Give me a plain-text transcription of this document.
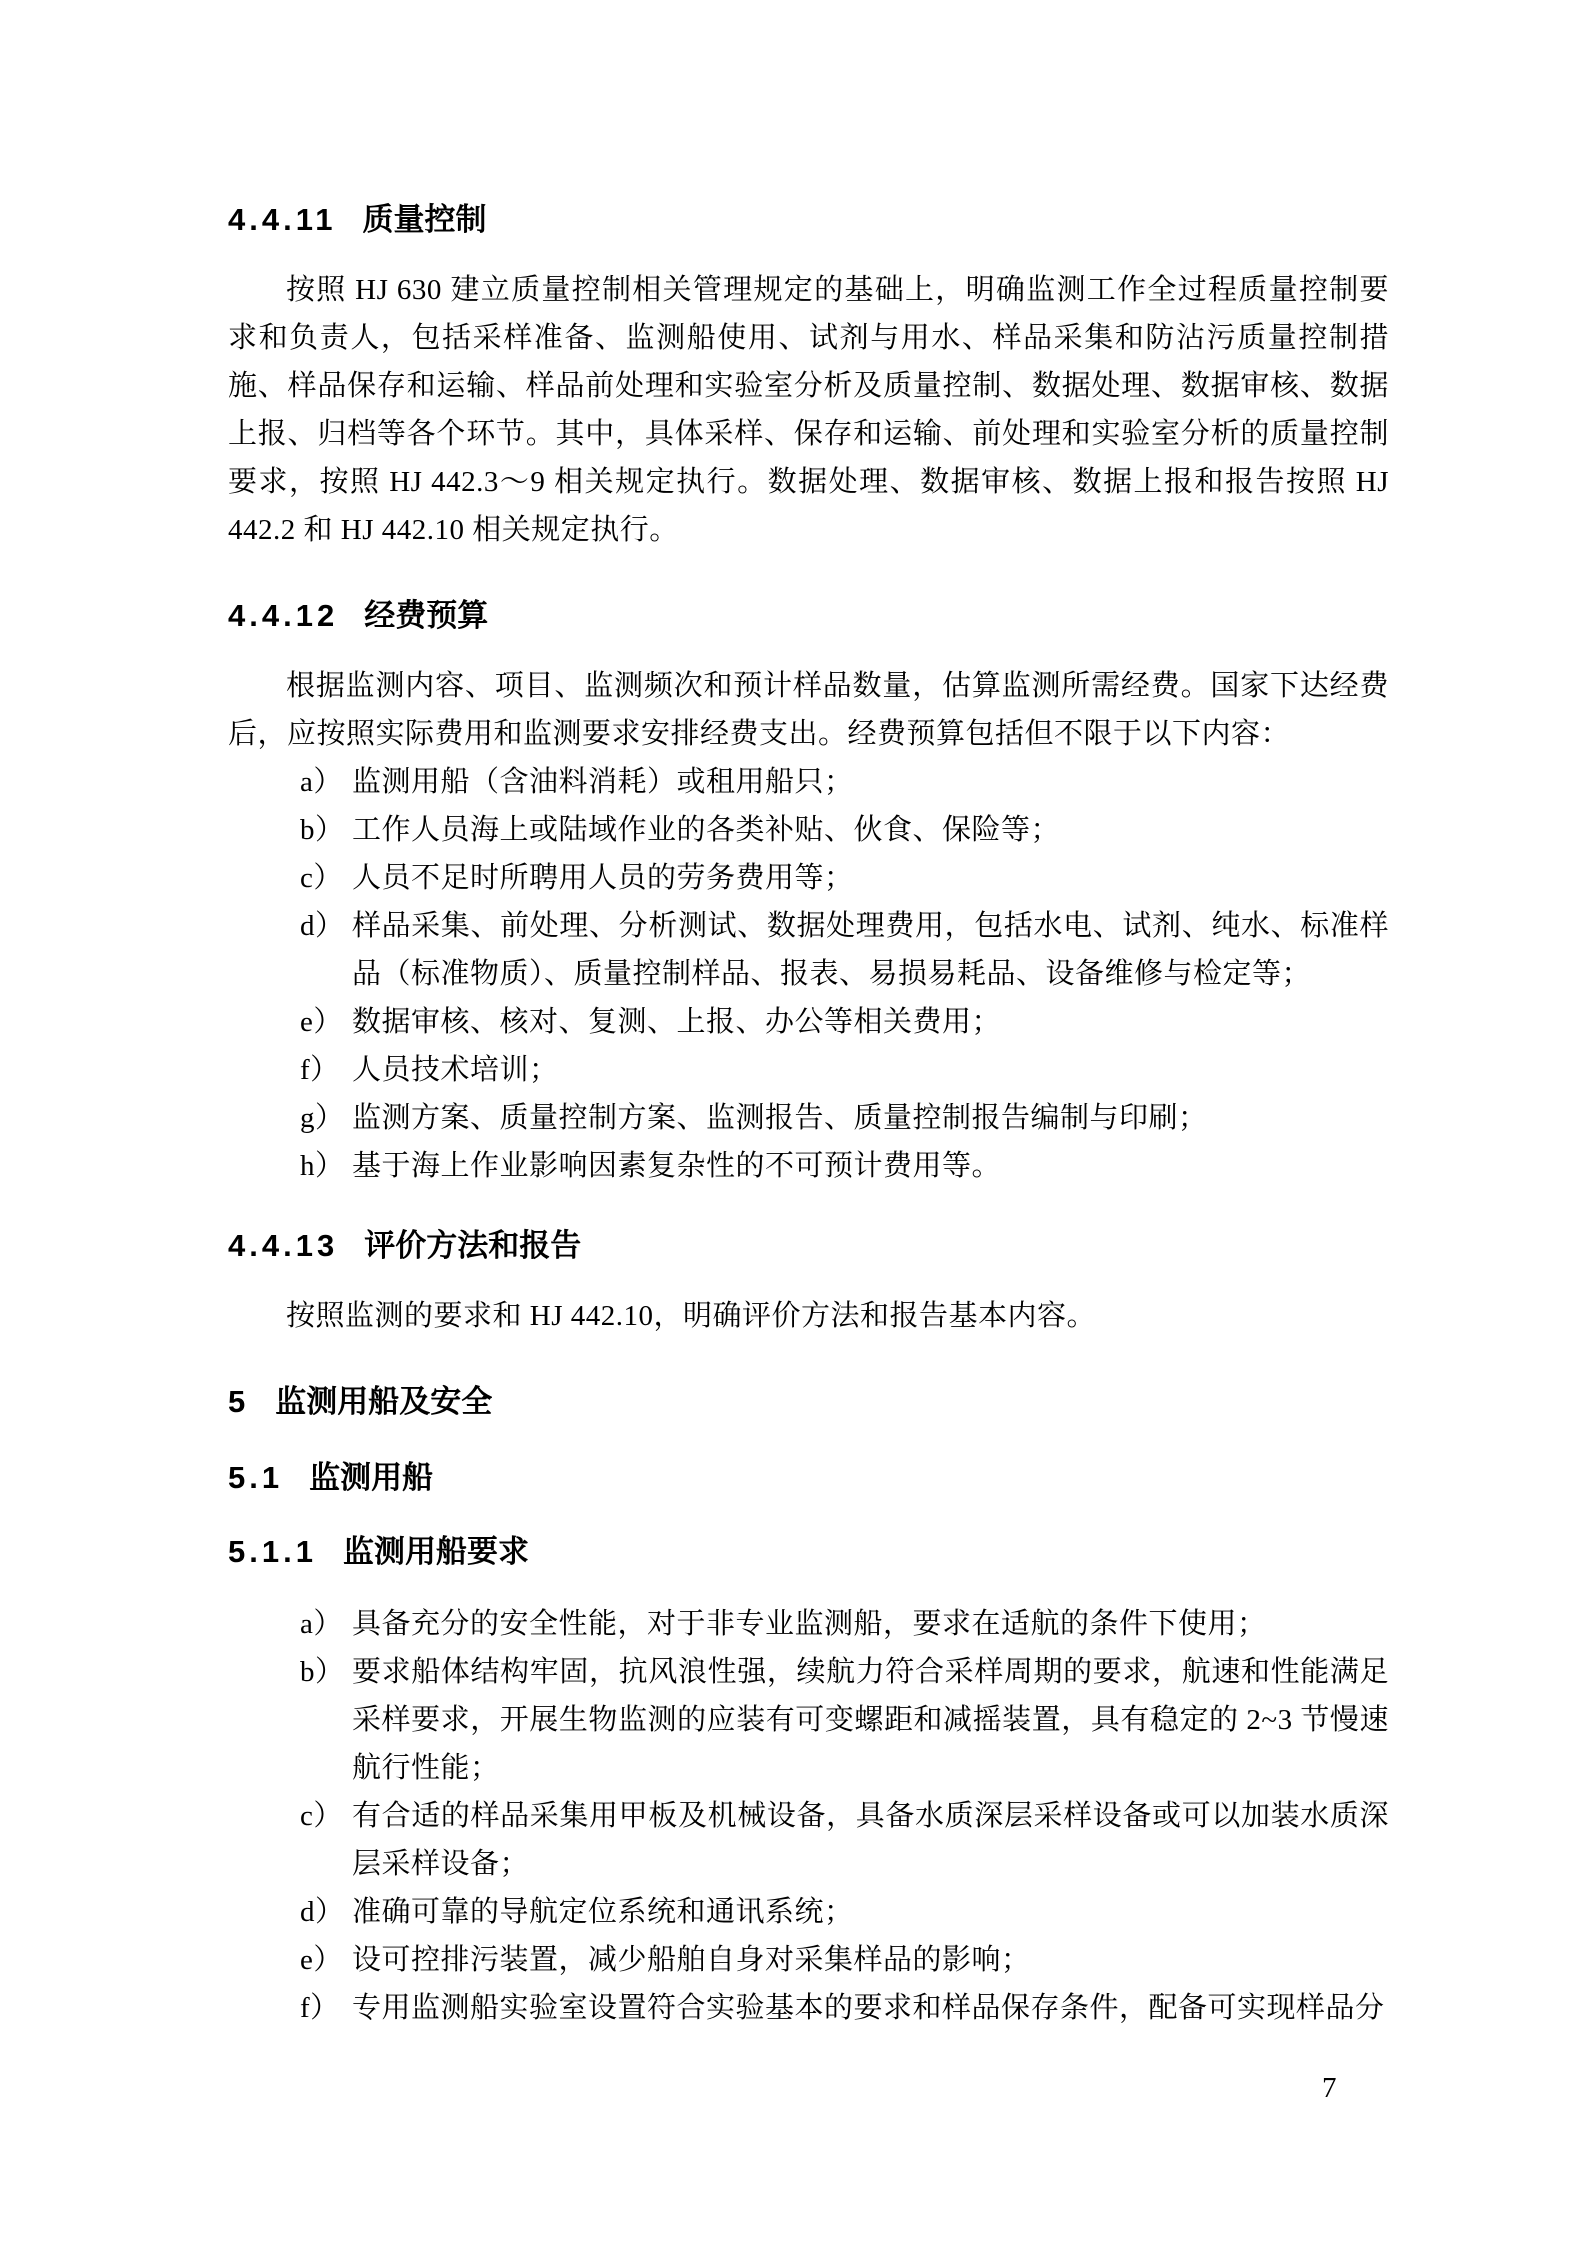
4.4.11 质量控制

按照 HJ 630 建立质量控制相关管理规定的基础上，明确监测工作全过程质量控制要求和负责人，包括采样准备、监测船使用、试剂与用水、样品采集和防沾污质量控制措施、样品保存和运输、样品前处理和实验室分析及质量控制、数据处理、数据审核、数据上报、归档等各个环节。其中，具体采样、保存和运输、前处理和实验室分析的质量控制要求，按照 HJ 442.3～9 相关规定执行。数据处理、数据审核、数据上报和报告按照 HJ 442.2 和 HJ 442.10 相关规定执行。

4.4.12 经费预算

根据监测内容、项目、监测频次和预计样品数量，估算监测所需经费。国家下达经费后，应按照实际费用和监测要求安排经费支出。经费预算包括但不限于以下内容：

a） 监测用船（含油料消耗）或租用船只；
b） 工作人员海上或陆域作业的各类补贴、伙食、保险等；
c） 人员不足时所聘用人员的劳务费用等；
d） 样品采集、前处理、分析测试、数据处理费用，包括水电、试剂、纯水、标准样品（标准物质）、质量控制样品、报表、易损易耗品、设备维修与检定等；
e） 数据审核、核对、复测、上报、办公等相关费用；
f） 人员技术培训；
g） 监测方案、质量控制方案、监测报告、质量控制报告编制与印刷；
h） 基于海上作业影响因素复杂性的不可预计费用等。
4.4.13 评价方法和报告

按照监测的要求和 HJ 442.10，明确评价方法和报告基本内容。

5 监测用船及安全
5.1 监测用船
5.1.1 监测用船要求
a） 具备充分的安全性能，对于非专业监测船，要求在适航的条件下使用；
b） 要求船体结构牢固，抗风浪性强，续航力符合采样周期的要求，航速和性能满足采样要求，开展生物监测的应装有可变螺距和减摇装置，具有稳定的 2~3 节慢速航行性能；
c） 有合适的样品采集用甲板及机械设备，具备水质深层采样设备或可以加装水质深层采样设备；
d） 准确可靠的导航定位系统和通讯系统；
e） 设可控排污装置，减少船舶自身对采集样品的影响；
f） 专用监测船实验室设置符合实验基本的要求和样品保存条件，配备可实现样品分
7
